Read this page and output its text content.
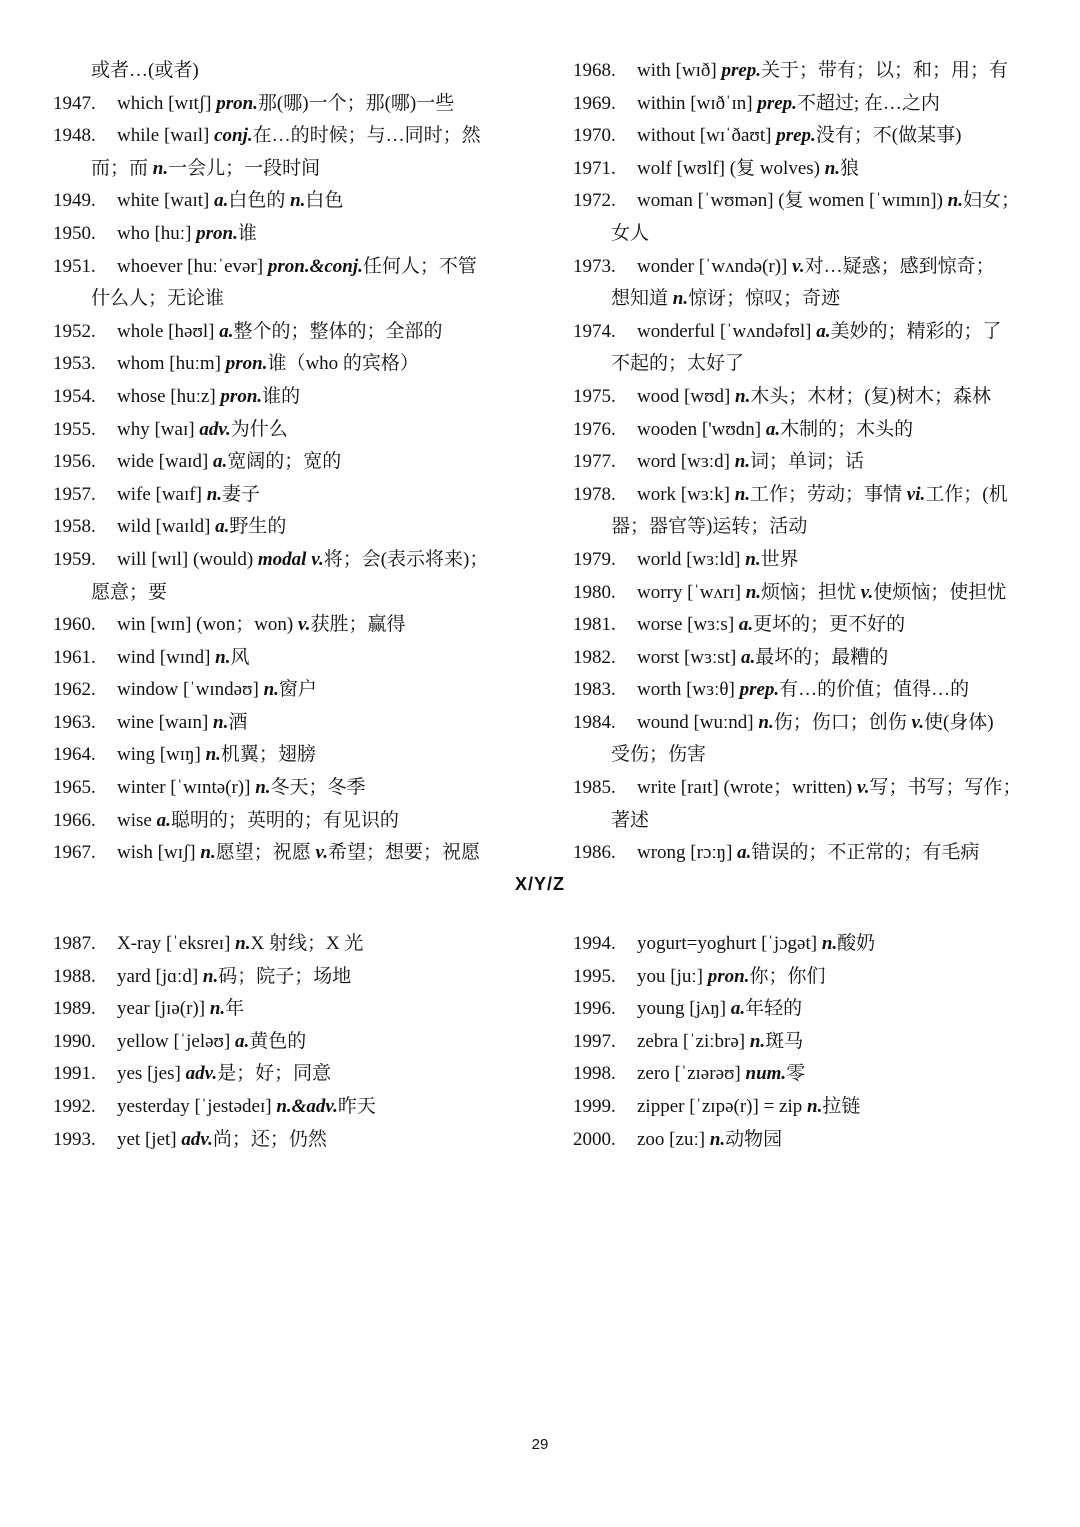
或者…(或者)
1947.	which [wɪtʃ] pron.那(哪)一个；那(哪)一些
1948.	while [waɪl] conj.在…的时候；与…同时；然
而；而 n.一会儿；一段时间
1949.	white [waɪt] a.白色的 n.白色
1950.	who [huː] pron.谁
1951.	whoever [huːˈevər] pron.&conj.任何人；不管
什么人；无论谁
1952.	whole [həʊl] a.整个的；整体的；全部的
1953.	whom [huːm] pron.谁（who 的宾格）
1954.	whose [huːz] pron.谁的
1955.	why [waɪ] adv.为什么
1956.	wide [waɪd] a.宽阔的；宽的
1957.	wife [waɪf] n.妻子
1958.	wild [waɪld] a.野生的
1959.	will [wɪl] (would) modal v.将；会(表示将来)；
愿意；要
1960.	win [wɪn] (won；won) v.获胜；赢得
1961.	wind [wɪnd] n.风
1962.	window [ˈwɪndəʊ] n.窗户
1963.	wine [waɪn] n.酒
1964.	wing [wɪŋ] n.机翼；翅膀
1965.	winter [ˈwɪntə(r)] n.冬天；冬季
1966.	wise a.聪明的；英明的；有见识的
1967.	wish [wɪʃ] n.愿望；祝愿 v.希望；想要；祝愿
1968.	with [wɪð] prep.关于；带有；以；和；用；有
1969.	within [wɪðˈɪn] prep.不超过; 在…之内
1970.	without [wɪˈðaʊt] prep.没有；不(做某事)
1971.	wolf [wʊlf] (复 wolves) n.狼
1972.	woman [ˈwʊmən] (复 women [ˈwɪmɪn]) n.妇女；
女人
1973.	wonder [ˈwʌndə(r)] v.对…疑惑；感到惊奇；
想知道 n.惊讶；惊叹；奇迹
1974.	wonderful [ˈwʌndəfʊl] a.美妙的；精彩的；了
不起的；太好了
1975.	wood [wʊd] n.木头；木材；(复)树木；森林
1976.	wooden ['wʊdn] a.木制的；木头的
1977.	word [wɜːd] n.词；单词；话
1978.	work [wɜːk] n.工作；劳动；事情 vi.工作；(机
器；器官等)运转；活动
1979.	world [wɜːld] n.世界
1980.	worry [ˈwʌrɪ] n.烦恼；担忧 v.使烦恼；使担忧
1981.	worse [wɜːs] a.更坏的；更不好的
1982.	worst [wɜːst] a.最坏的；最糟的
1983.	worth [wɜːθ] prep.有…的价值；值得…的
1984.	wound [wuːnd] n.伤；伤口；创伤 v.使(身体)
受伤；伤害
1985.	write [raɪt] (wrote；written) v.写；书写；写作；
著述
1986.	wrong [rɔːŋ] a.错误的；不正常的；有毛病
X/Y/Z
1987.	X-ray [ˈeksreɪ] n.X 射线；X 光
1988.	yard [jɑːd] n.码；院子；场地
1989.	year [jɪə(r)] n.年
1990.	yellow [ˈjeləʊ] a.黄色的
1991.	yes [jes] adv.是；好；同意
1992.	yesterday [ˈjestədeɪ] n.&adv.昨天
1993.	yet [jet] adv.尚；还；仍然
1994.	yogurt=yoghurt [ˈjɔgət] n.酸奶
1995.	you [juː] pron.你；你们
1996.	young [jʌŋ] a.年轻的
1997.	zebra [ˈziːbrə] n.斑马
1998.	zero [ˈzɪərəʊ] num.零
1999.	zipper [ˈzɪpə(r)] = zip n.拉链
2000.	zoo [zuː] n.动物园
29
